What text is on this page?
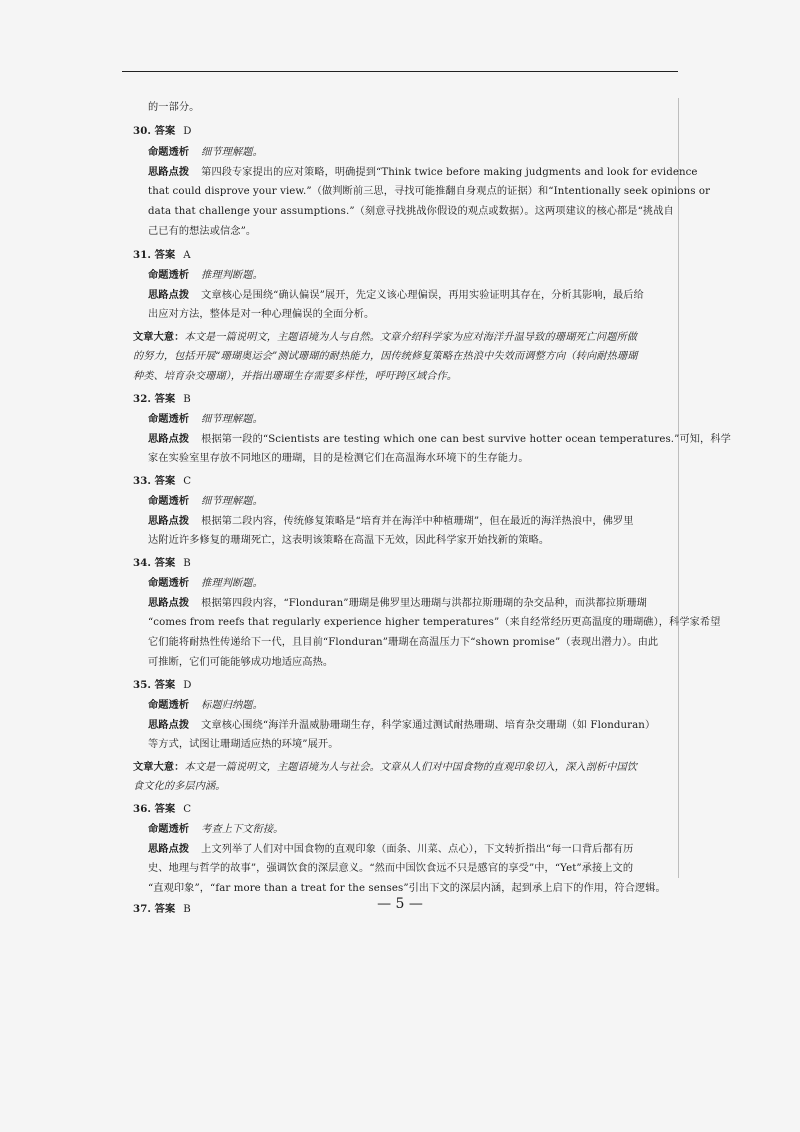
的一部分。
30. 答案 D
命题透析 细节理解题。
思路点拨 第四段专家提出的应对策略，明确提到“Think twice before making judgments and look for evidence
that could disprove your view.”（做判断前三思，寻找可能推翻自身观点的证据）和“Intentionally seek opinions or
data that challenge your assumptions.”（刻意寻找挑战你假设的观点或数据）。这两项建议的核心都是“挑战自
己已有的想法或信念”。
31. 答案 A
命题透析 推理判断题。
思路点拨 文章核心是围绕“确认偏误”展开，先定义该心理偏误，再用实验证明其存在，分析其影响，最后给
出应对方法，整体是对一种心理偏误的全面分析。
文章大意：本文是一篇说明文，主题语境为人与自然。文章介绍科学家为应对海洋升温导致的珊瑚死亡问题所做
的努力，包括开展“珊瑚奥运会”测试珊瑚的耐热能力，因传统修复策略在热浪中失效而调整方向（转向耐热珊瑚
种类、培育杂交珊瑚），并指出珊瑚生存需要多样性，呼吁跨区域合作。
32. 答案 B
命题透析 细节理解题。
思路点拨 根据第一段的“Scientists are testing which one can best survive hotter ocean temperatures.”可知，科学
家在实验室里存放不同地区的珊瑚，目的是检测它们在高温海水环境下的生存能力。
33. 答案 C
命题透析 细节理解题。
思路点拨 根据第二段内容，传统修复策略是“培育并在海洋中种植珊瑚”，但在最近的海洋热浪中，佛罗里
达附近许多修复的珊瑚死亡，这表明该策略在高温下无效，因此科学家开始找新的策略。
34. 答案 B
命题透析 推理判断题。
思路点拨 根据第四段内容，“Flonduran”珊瑚是佛罗里达珊瑚与洪都拉斯珊瑚的杂交品种，而洪都拉斯珊瑚
“comes from reefs that regularly experience higher temperatures”（来自经常经历更高温度的珊瑚礁），科学家希望
它们能将耐热性传递给下一代，且目前“Flonduran”珊瑚在高温压力下“shown promise”（表现出潜力）。由此
可推断，它们可能能够成功地适应高热。
35. 答案 D
命题透析 标题归纳题。
思路点拨 文章核心围绕“海洋升温威胁珊瑚生存，科学家通过测试耐热珊瑚、培育杂交珊瑚（如 Flonduran）
等方式，试图让珊瑚适应热的环境”展开。
文章大意：本文是一篇说明文，主题语境为人与社会。文章从人们对中国食物的直观印象切入，深入剖析中国饮
食文化的多层内涵。
36. 答案 C
命题透析 考查上下文衔接。
思路点拨 上文列举了人们对中国食物的直观印象（面条、川菜、点心），下文转折指出“每一口背后都有历
史、地理与哲学的故事”，强调饮食的深层意义。“然而中国饮食远不只是感官的享受”中，“Yet”承接上文的
“直观印象”，“far more than a treat for the senses”引出下文的深层内涵，起到承上启下的作用，符合逻辑。
37. 答案 B	— 5 —
